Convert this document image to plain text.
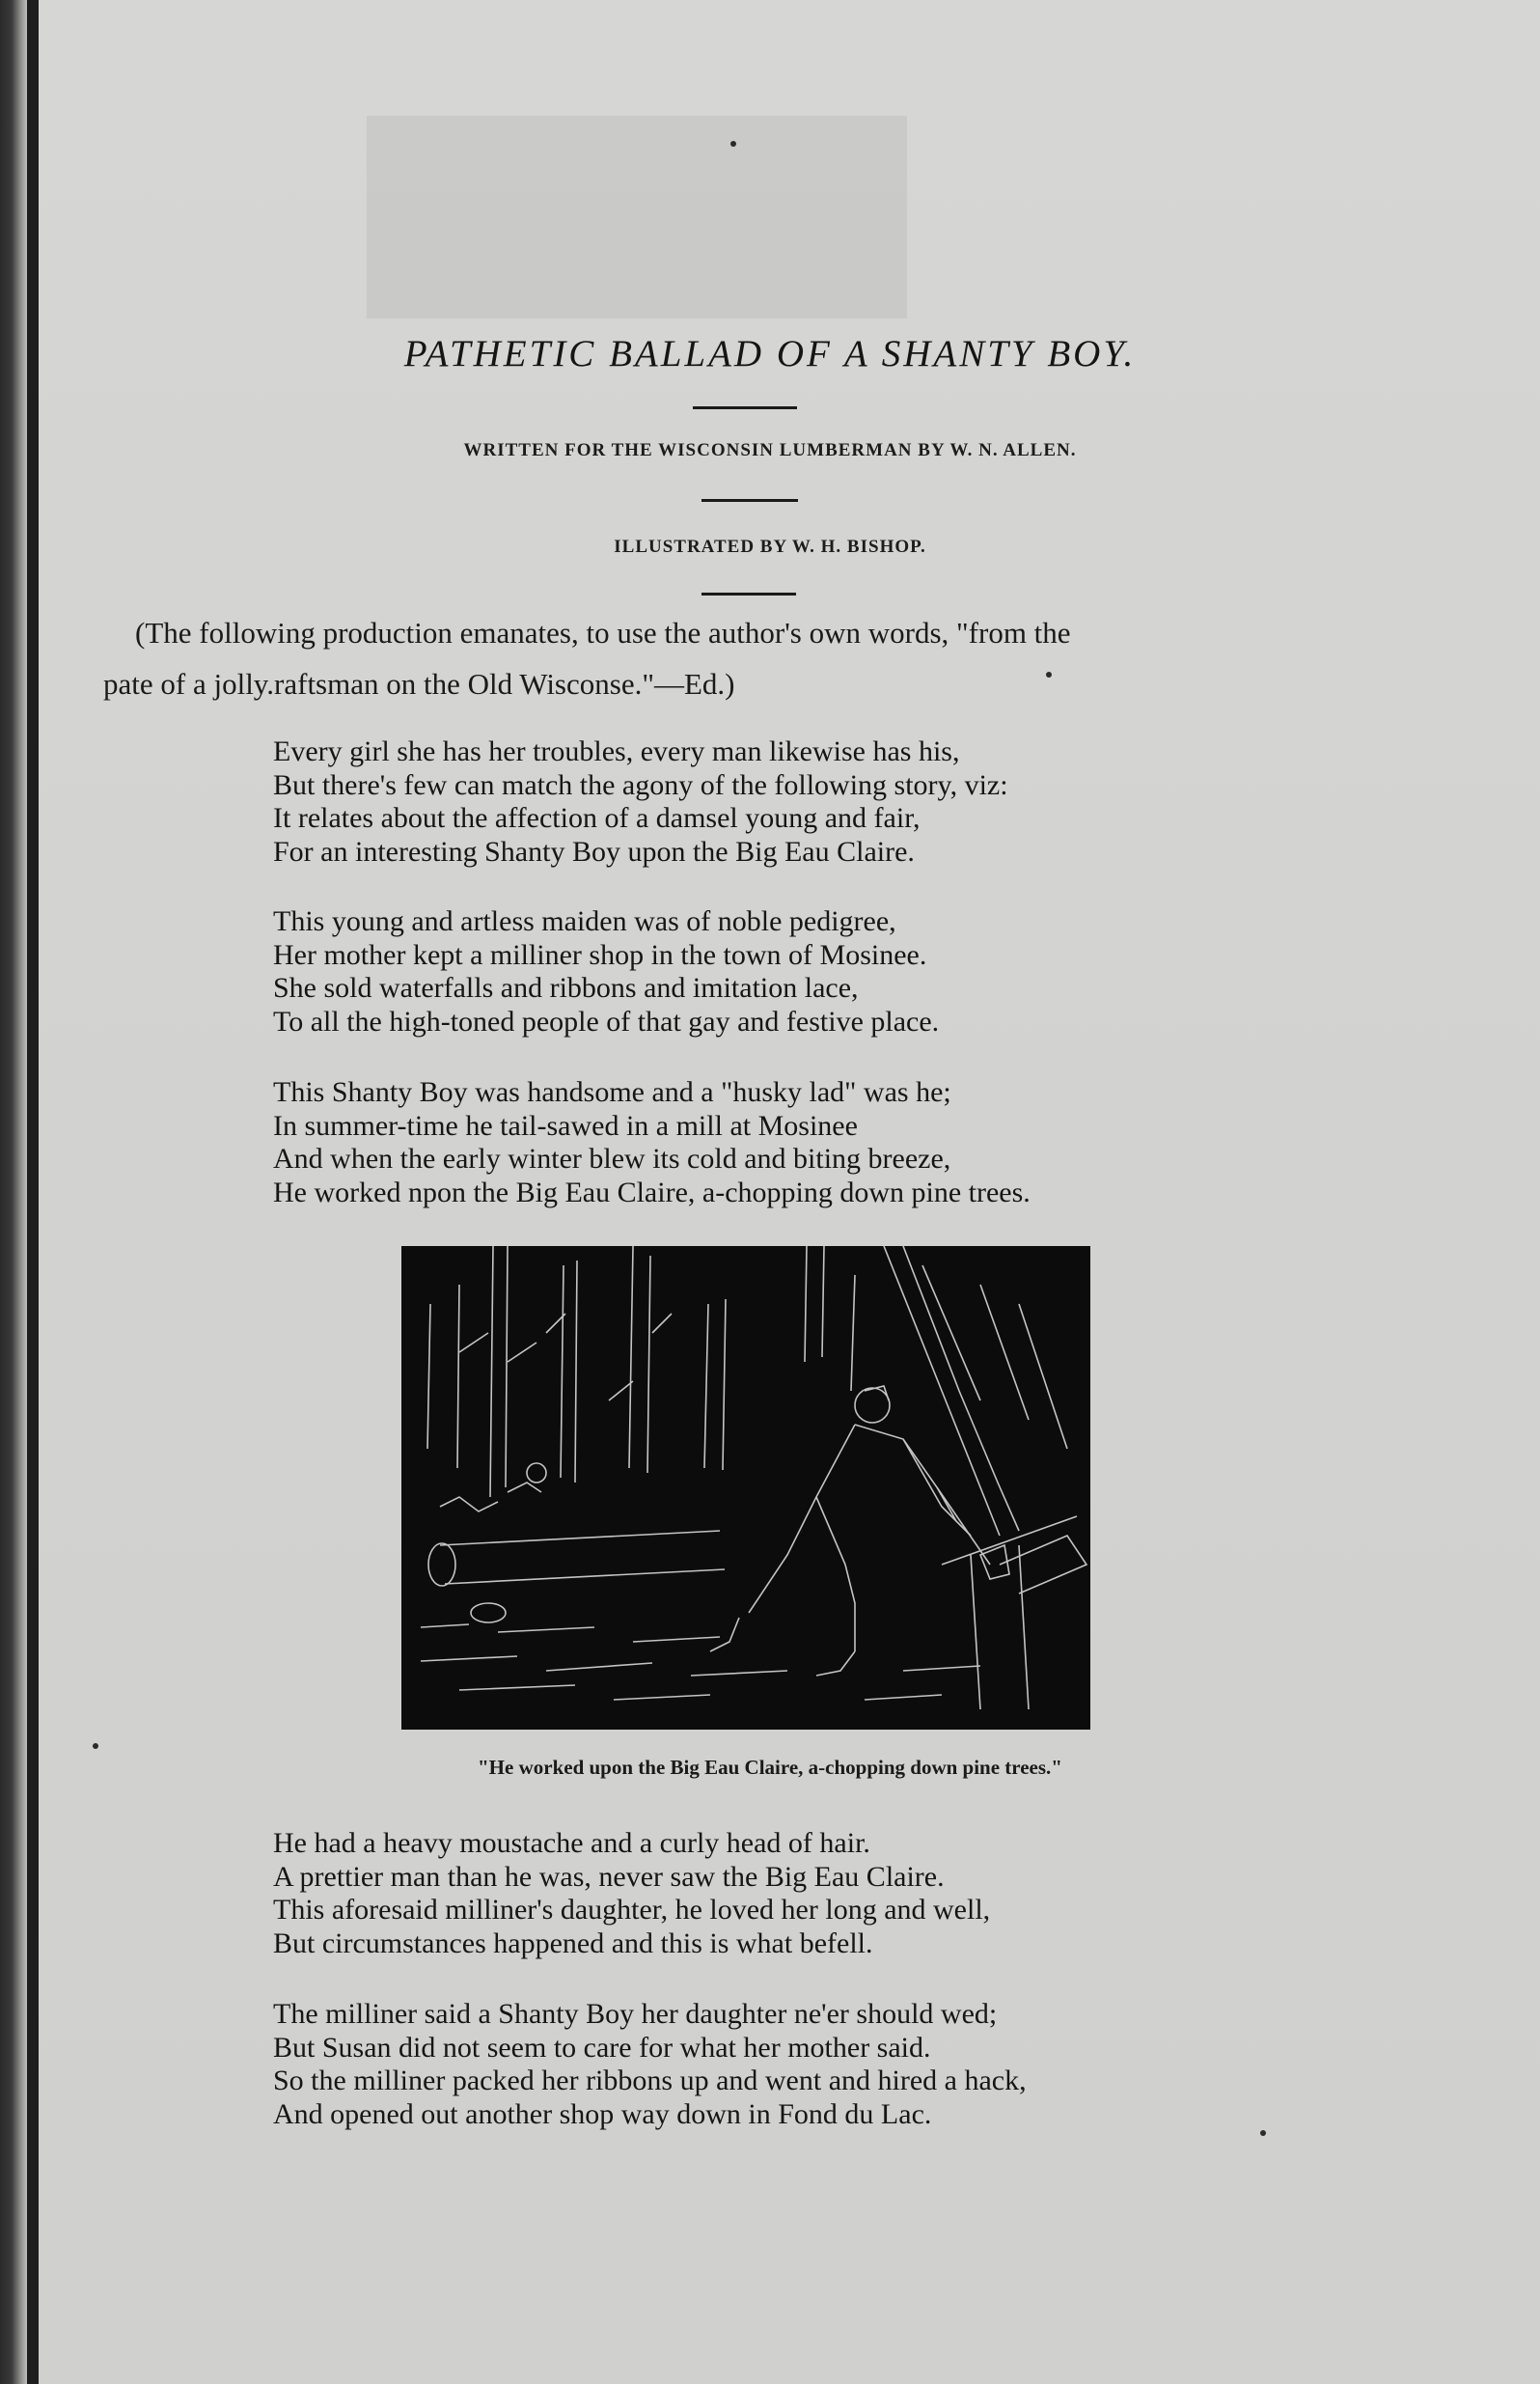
PATHETIC BALLAD OF A SHANTY BOY.
WRITTEN FOR THE WISCONSIN LUMBERMAN BY W. N. ALLEN.
ILLUSTRATED BY W. H. BISHOP.
(The following production emanates, to use the author's own words, "from the
pate of a jolly.raftsman on the Old Wisconse."—Ed.)
Every girl she has her troubles, every man likewise has his,
But there's few can match the agony of the following story, viz:
It relates about the affection of a damsel young and fair,
For an interesting Shanty Boy upon the Big Eau Claire.
This young and artless maiden was of noble pedigree,
Her mother kept a milliner shop in the town of Mosinee.
She sold waterfalls and ribbons and imitation lace,
To all the high-toned people of that gay and festive place.
This Shanty Boy was handsome and a "husky lad" was he;
In summer-time he tail-sawed in a mill at Mosinee
And when the early winter blew its cold and biting breeze,
He worked npon the Big Eau Claire, a-chopping down pine trees.
"He worked upon the Big Eau Claire, a-chopping down pine trees."
He had a heavy moustache and a curly head of hair.
A prettier man than he was, never saw the Big Eau Claire.
This aforesaid milliner's daughter, he loved her long and well,
But circumstances happened and this is what befell.
The milliner said a Shanty Boy her daughter ne'er should wed;
But Susan did not seem to care for what her mother said.
So the milliner packed her ribbons up and went and hired a hack,
And opened out another shop way down in Fond du Lac.
